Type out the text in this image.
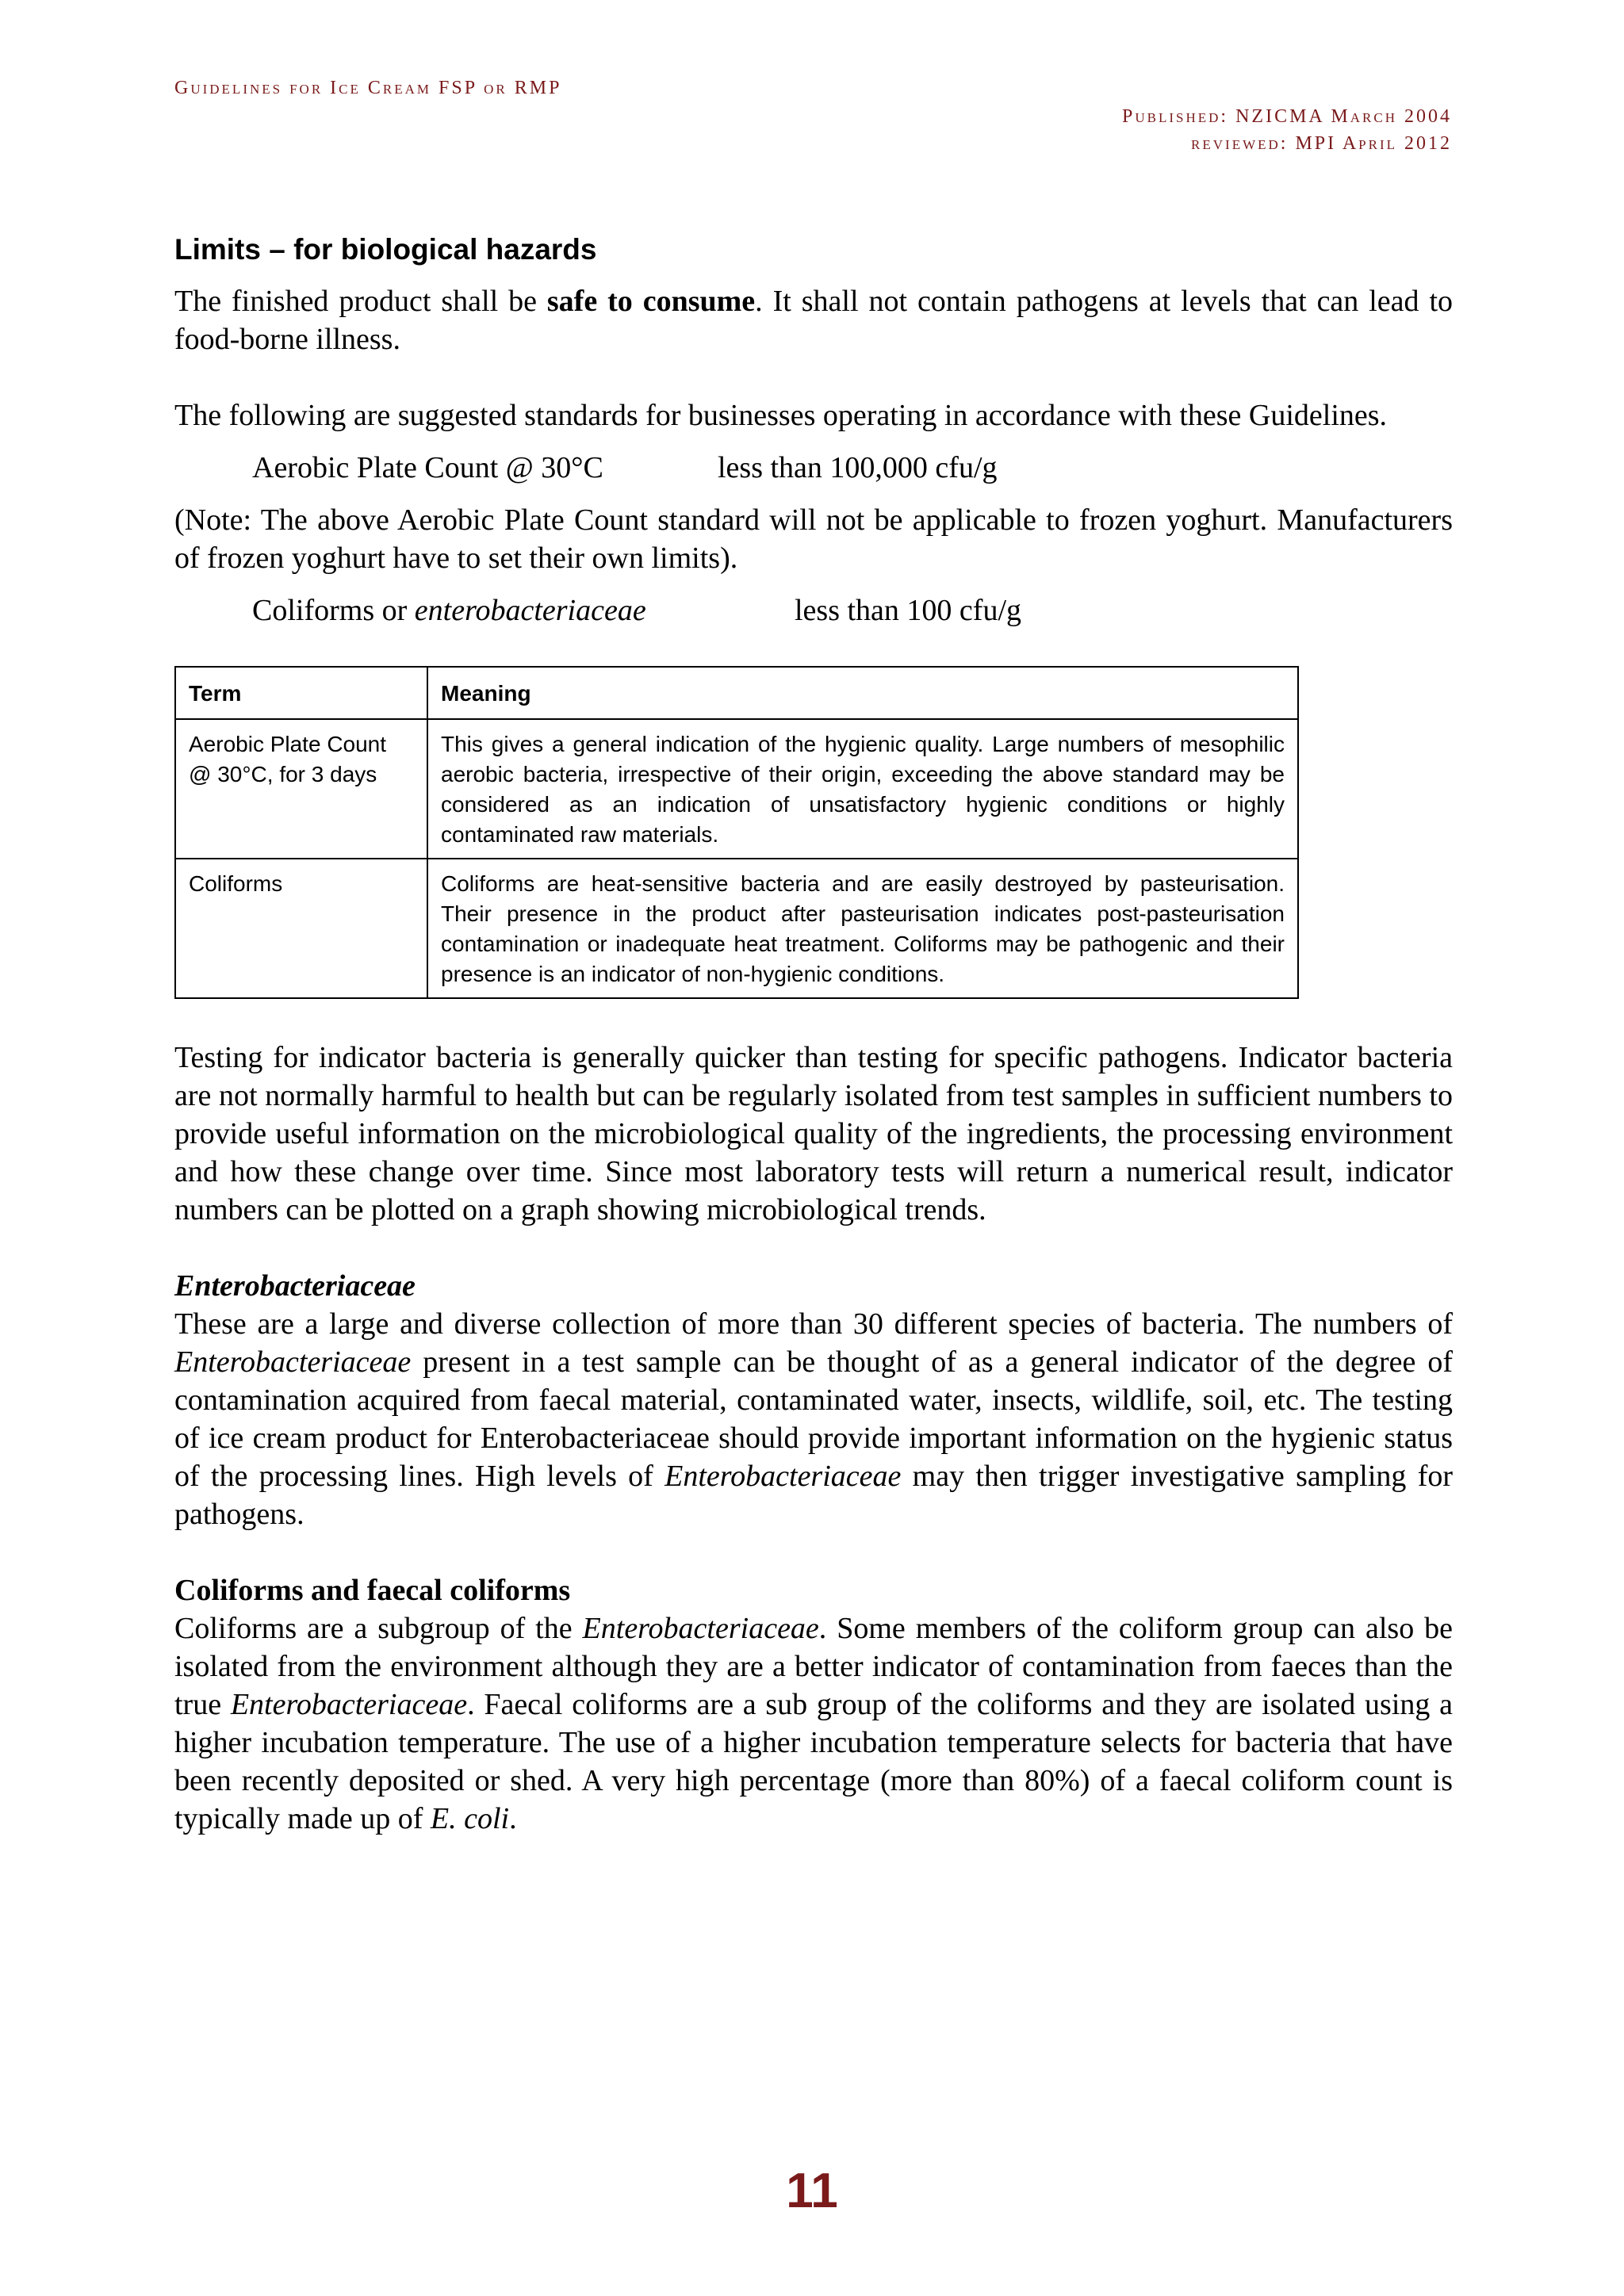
Guidelines for Ice Cream FSP or RMP
Published: NZICMA March 2004
reviewed: MPI April 2012
Limits – for biological hazards

The finished product shall be safe to consume. It shall not contain pathogens at levels that can lead to food-borne illness.

The following are suggested standards for businesses operating in accordance with these Guidelines.

Aerobic Plate Count @ 30°C	less than 100,000 cfu/g

(Note: The above Aerobic Plate Count standard will not be applicable to frozen yoghurt. Manufacturers of frozen yoghurt have to set their own limits).

Coliforms or enterobacteriaceae	less than 100 cfu/g
Term	Meaning

Aerobic Plate Count
@ 30°C, for 3 days	This gives a general indication of the hygienic quality. Large numbers of mesophilic aerobic bacteria, irrespective of their origin, exceeding the above standard may be considered as an indication of unsatisfactory hygienic conditions or highly contaminated raw materials.
Coliforms	Coliforms are heat-sensitive bacteria and are easily destroyed by pasteurisation. Their presence in the product after pasteurisation indicates post-pasteurisation contamination or inadequate heat treatment. Coliforms may be pathogenic and their presence is an indicator of non-hygienic conditions.

Testing for indicator bacteria is generally quicker than testing for specific pathogens. Indicator bacteria are not normally harmful to health but can be regularly isolated from test samples in sufficient numbers to provide useful information on the microbiological quality of the ingredients, the processing environment and how these change over time. Since most laboratory tests will return a numerical result, indicator numbers can be plotted on a graph showing microbiological trends.

Enterobacteriaceae

These are a large and diverse collection of more than 30 different species of bacteria. The numbers of Enterobacteriaceae present in a test sample can be thought of as a general indicator of the degree of contamination acquired from faecal material, contaminated water, insects, wildlife, soil, etc. The testing of ice cream product for Enterobacteriaceae should provide important information on the hygienic status of the processing lines. High levels of Enterobacteriaceae may then trigger investigative sampling for pathogens.

Coliforms and faecal coliforms

Coliforms are a subgroup of the Enterobacteriaceae. Some members of the coliform group can also be isolated from the environment although they are a better indicator of contamination from faeces than the true Enterobacteriaceae. Faecal coliforms are a sub group of the coliforms and they are isolated using a higher incubation temperature. The use of a higher incubation temperature selects for bacteria that have been recently deposited or shed. A very high percentage (more than 80%) of a faecal coliform count is typically made up of E. coli.

11
